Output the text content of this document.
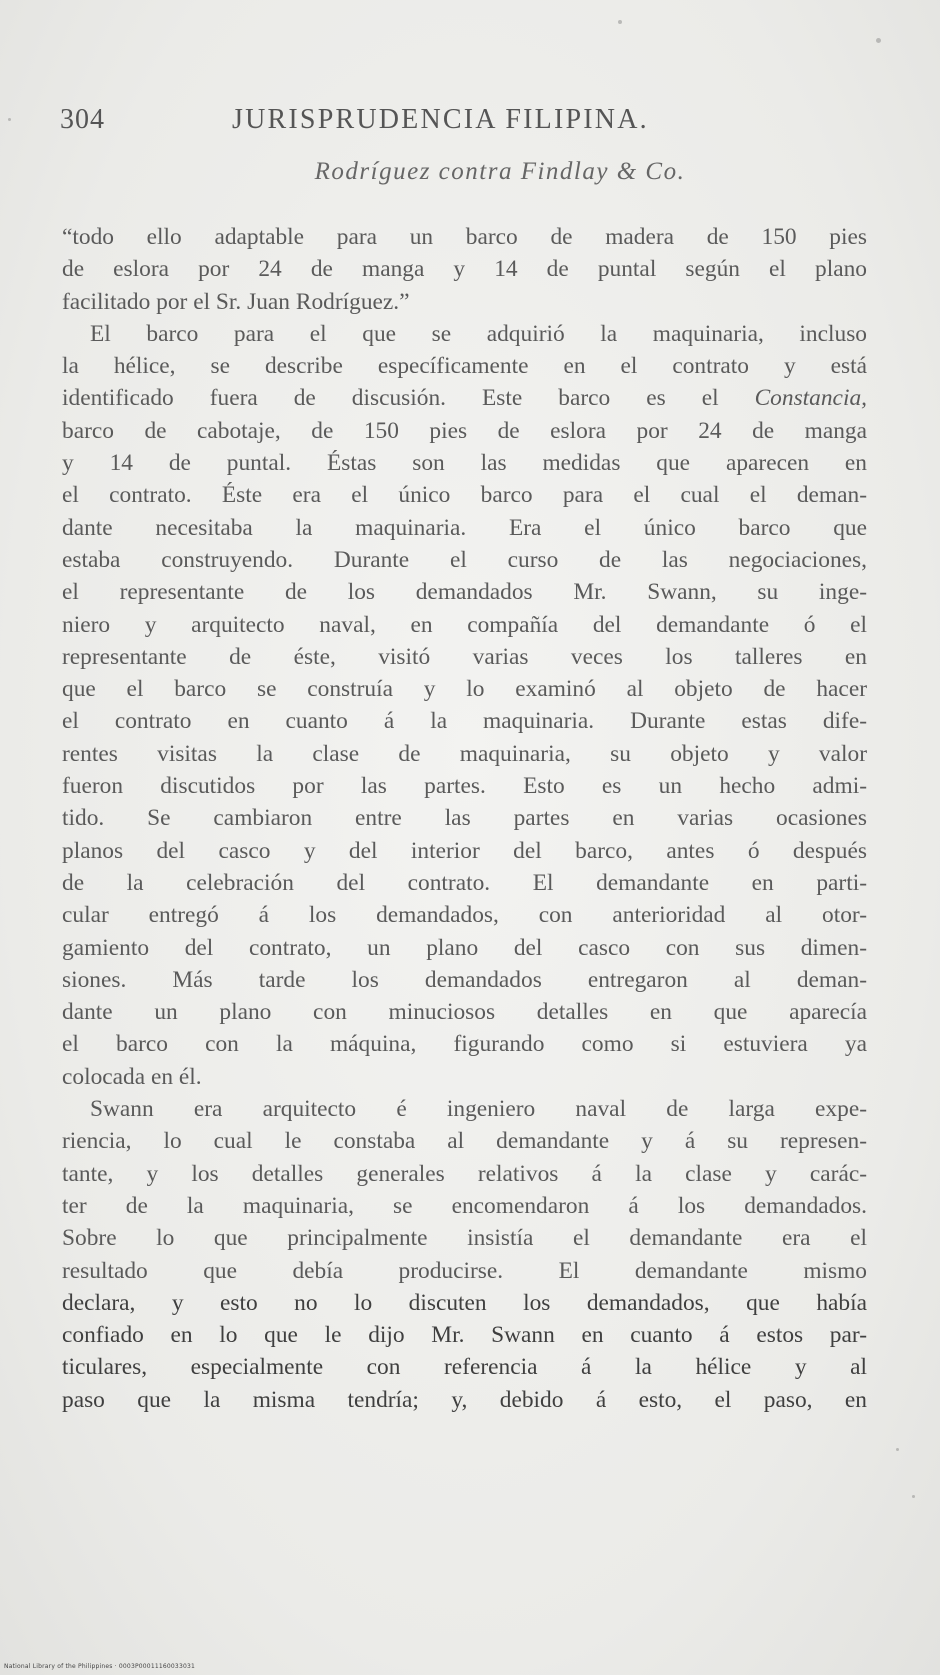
304	JURISPRUDENCIA FILIPINA.
Rodríguez contra Findlay & Co.

“todo ello adaptable para un barco de madera de 150 pies
de eslora por 24 de manga y 14 de puntal según el plano
facilitado por el Sr. Juan Rodríguez.”

El barco para el que se adquirió la maquinaria, incluso
la hélice, se describe específicamente en el contrato y está
identificado fuera de discusión. Este barco es el Constancia,
barco de cabotaje, de 150 pies de eslora por 24 de manga
y 14 de puntal. Éstas son las medidas que aparecen en
el contrato. Éste era el único barco para el cual el deman-
dante necesitaba la maquinaria. Era el único barco que
estaba construyendo. Durante el curso de las negociaciones,
el representante de los demandados Mr. Swann, su inge-
niero y arquitecto naval, en compañía del demandante ó el
representante de éste, visitó varias veces los talleres en
que el barco se construía y lo examinó al objeto de hacer
el contrato en cuanto á la maquinaria. Durante estas dife-
rentes visitas la clase de maquinaria, su objeto y valor
fueron discutidos por las partes. Esto es un hecho admi-
tido. Se cambiaron entre las partes en varias ocasiones
planos del casco y del interior del barco, antes ó después
de la celebración del contrato. El demandante en parti-
cular entregó á los demandados, con anterioridad al otor-
gamiento del contrato, un plano del casco con sus dimen-
siones. Más tarde los demandados entregaron al deman-
dante un plano con minuciosos detalles en que aparecía
el barco con la máquina, figurando como si estuviera ya
colocada en él.

Swann era arquitecto é ingeniero naval de larga expe-
riencia, lo cual le constaba al demandante y á su represen-
tante, y los detalles generales relativos á la clase y carác-
ter de la maquinaria, se encomendaron á los demandados.
Sobre lo que principalmente insistía el demandante era el
resultado que debía producirse. El demandante mismo
declara, y esto no lo discuten los demandados, que había
confiado en lo que le dijo Mr. Swann en cuanto á estos par-
ticulares, especialmente con referencia á la hélice y al
paso que la misma tendría; y, debido á esto, el paso, en

National Library of the Philippines · 0003P00011160033031
